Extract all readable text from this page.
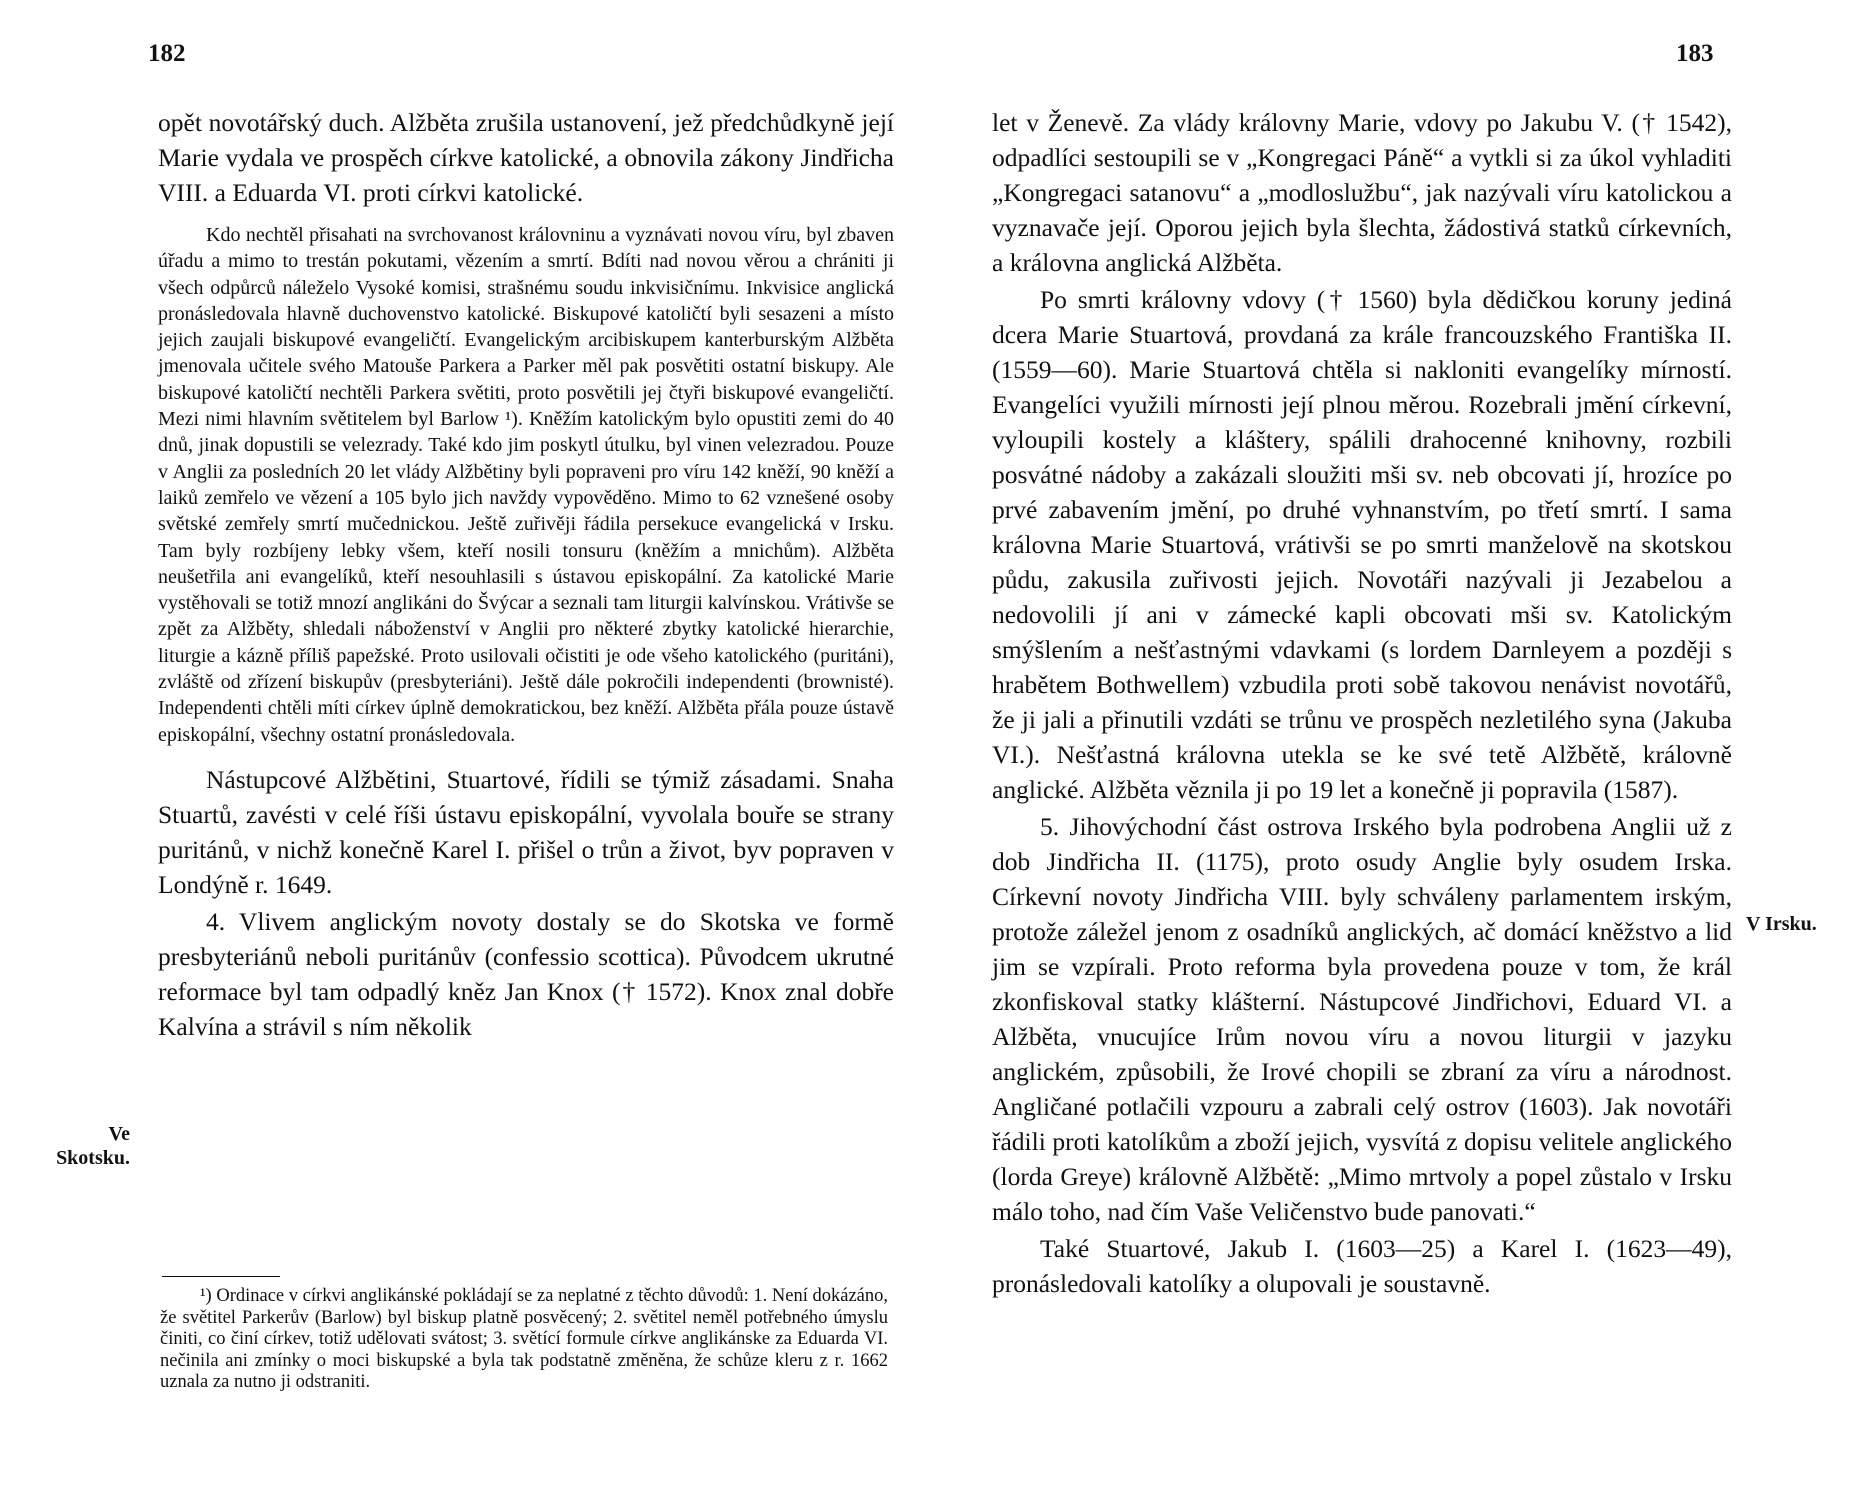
182

opět novotářský duch. Alžběta zrušila ustanovení, jež předchůdkyně její Marie vydala ve prospěch církve katolické, a obnovila zákony Jindřicha VIII. a Eduarda VI. proti církvi katolické.

Kdo nechtěl přisahati na svrchovanost královninu a vyznávati novou víru, byl zbaven úřadu a mimo to trestán pokutami, vězením a smrtí. Bdíti nad novou věrou a chrániti ji všech odpůrců náleželo Vysoké komisi, strašnému soudu inkvisičnímu. Inkvisice anglická pronásledovala hlavně duchovenstvo katolické. Biskupové katoličtí byli sesazeni a místo jejich zaujali biskupové evangeličtí. Evangelickým arcibiskupem kanterburským Alžběta jmenovala učitele svého Matouše Parkera a Parker měl pak posvětiti ostatní biskupy. Ale biskupové katoličtí nechtěli Parkera světiti, proto posvětili jej čtyři biskupové evangeličtí. Mezi nimi hlavním světitelem byl Barlow ¹). Kněžím katolickým bylo opustiti zemi do 40 dnů, jinak dopustili se velezrady. Také kdo jim poskytl útulku, byl vinen velezradou. Pouze v Anglii za posledních 20 let vlády Alžbětiny byli popraveni pro víru 142 kněží, 90 kněží a laiků zemřelo ve vězení a 105 bylo jich navždy vypověděno. Mimo to 62 vznešené osoby světské zemřely smrtí mučednickou. Ještě zuřivěji řádila persekuce evangelická v Irsku. Tam byly rozbíjeny lebky všem, kteří nosili tonsuru (kněžím a mnichům). Alžběta neušetřila ani evangelíků, kteří nesouhlasili s ústavou episkopální. Za katolické Marie vystěhovali se totiž mnozí anglikáni do Švýcar a seznali tam liturgii kalvínskou. Vrátivše se zpět za Alžběty, shledali náboženství v Anglii pro některé zbytky katolické hierarchie, liturgie a kázně příliš papežské. Proto usilovali očistiti je ode všeho katolického (puritáni), zvláště od zřízení biskupův (presbyteriáni). Ještě dále pokročili independenti (brownisté). Independenti chtěli míti církev úplně demokratickou, bez kněží. Alžběta přála pouze ústavě episkopální, všechny ostatní pronásledovala.

Nástupcové Alžbětini, Stuartové, řídili se týmiž zásadami. Snaha Stuartů, zavésti v celé říši ústavu episkopální, vyvolala bouře se strany puritánů, v nichž konečně Karel I. přišel o trůn a život, byv popraven v Londýně r. 1649.

4. Vlivem anglickým novoty dostaly se do Skotska ve formě presbyteriánů neboli puritánův (confessio scottica). Původcem ukrutné reformace byl tam odpadlý kněz Jan Knox († 1572). Knox znal dobře Kalvína a strávil s ním několik

Ve
Skotsku.

¹) Ordinace v církvi anglikánské pokládají se za neplatné z těchto důvodů: 1. Není dokázáno, že světitel Parkerův (Barlow) byl biskup platně posvěcený; 2. světitel neměl potřebného úmyslu činiti, co činí církev, totiž udělovati svátost; 3. světící formule církve anglikánske za Eduarda VI. nečinila ani zmínky o moci biskupské a byla tak podstatně změněna, že schůze kleru z r. 1662 uznala za nutno ji odstraniti.

183

let v Ženevě. Za vlády královny Marie, vdovy po Jakubu V. († 1542), odpadlíci sestoupili se v „Kongregaci Páně“ a vytkli si za úkol vyhladiti „Kongregaci satanovu“ a „modloslužbu“, jak nazývali víru katolickou a vyznavače její. Oporou jejich byla šlechta, žádostivá statků církevních, a královna anglická Alžběta.

Po smrti královny vdovy († 1560) byla dědičkou koruny jediná dcera Marie Stuartová, provdaná za krále francouzského Františka II. (1559—60). Marie Stuartová chtěla si nakloniti evangelíky mírností. Evangelíci využili mírnosti její plnou měrou. Rozebrali jmění církevní, vyloupili kostely a kláštery, spálili drahocenné knihovny, rozbili posvátné nádoby a zakázali sloužiti mši sv. neb obcovati jí, hrozíce po prvé zabavením jmění, po druhé vyhnanstvím, po třetí smrtí. I sama královna Marie Stuartová, vrátivši se po smrti manželově na skotskou půdu, zakusila zuřivosti jejich. Novotáři nazývali ji Jezabelou a nedovolili jí ani v zámecké kapli obcovati mši sv. Katolickým smýšlením a nešťastnými vdavkami (s lordem Darnleyem a později s hrabětem Bothwellem) vzbudila proti sobě takovou nenávist novotářů, že ji jali a přinutili vzdáti se trůnu ve prospěch nezletilého syna (Jakuba VI.). Nešťastná královna utekla se ke své tetě Alžbětě, královně anglické. Alžběta věznila ji po 19 let a konečně ji popravila (1587).

5. Jihovýchodní část ostrova Irského byla podrobena Anglii už z dob Jindřicha II. (1175), proto osudy Anglie byly osudem Irska. Církevní novoty Jindřicha VIII. byly schváleny parlamentem irským, protože záležel jenom z osadníků anglických, ač domácí kněžstvo a lid jim se vzpírali. Proto reforma byla provedena pouze v tom, že král zkonfiskoval statky klášterní. Nástupcové Jindřichovi, Eduard VI. a Alžběta, vnucujíce Irům novou víru a novou liturgii v jazyku anglickém, způsobili, že Irové chopili se zbraní za víru a národnost. Angličané potlačili vzpouru a zabrali celý ostrov (1603). Jak novotáři řádili proti katolíkům a zboží jejich, vysvítá z dopisu velitele anglického (lorda Greye) královně Alžbětě: „Mimo mrtvoly a popel zůstalo v Irsku málo toho, nad čím Vaše Veličenstvo bude panovati.“

Také Stuartové, Jakub I. (1603—25) a Karel I. (1623—49), pronásledovali katolíky a olupovali je soustavně.

V Irsku.
